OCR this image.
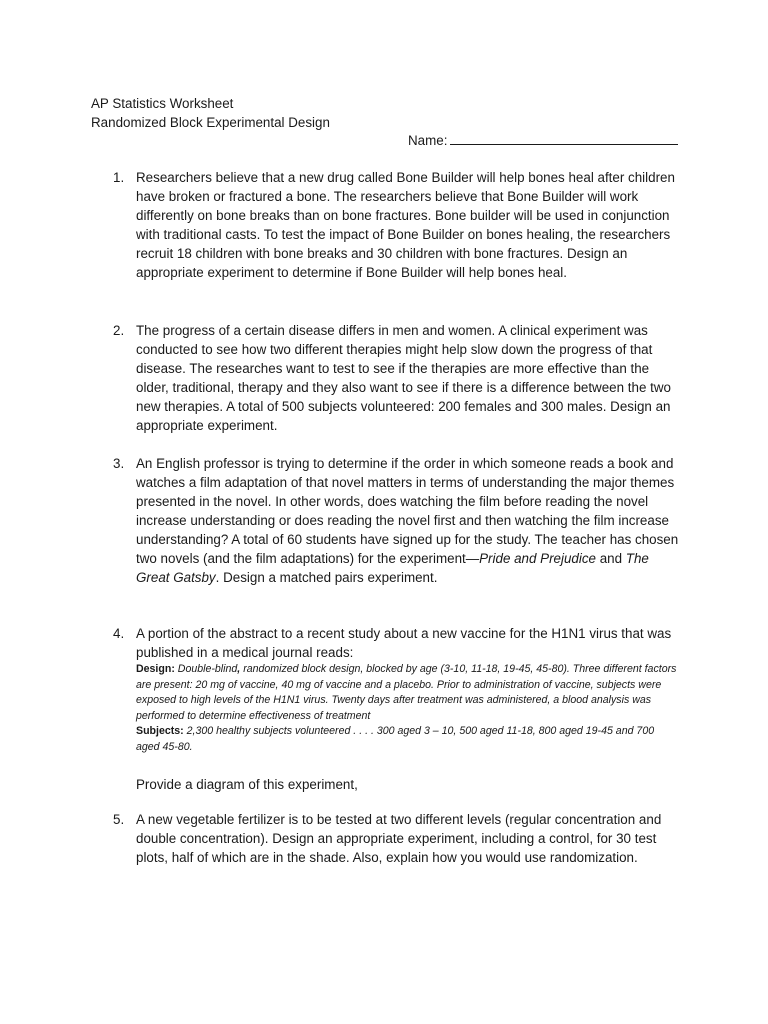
AP Statistics Worksheet
Randomized Block Experimental Design
Name:
1. Researchers believe that a new drug called Bone Builder will help bones heal after children have broken or fractured a bone. The researchers believe that Bone Builder will work differently on bone breaks than on bone fractures. Bone builder will be used in conjunction with traditional casts. To test the impact of Bone Builder on bones healing, the researchers recruit 18 children with bone breaks and 30 children with bone fractures. Design an appropriate experiment to determine if Bone Builder will help bones heal.

2. The progress of a certain disease differs in men and women. A clinical experiment was conducted to see how two different therapies might help slow down the progress of that disease. The researches want to test to see if the therapies are more effective than the older, traditional, therapy and they also want to see if there is a difference between the two new therapies. A total of 500 subjects volunteered: 200 females and 300 males. Design an appropriate experiment.

3. An English professor is trying to determine if the order in which someone reads a book and watches a film adaptation of that novel matters in terms of understanding the major themes presented in the novel. In other words, does watching the film before reading the novel increase understanding or does reading the novel first and then watching the film increase understanding? A total of 60 students have signed up for the study. The teacher has chosen two novels (and the film adaptations) for the experiment—Pride and Prejudice and The Great Gatsby. Design a matched pairs experiment.

4. A portion of the abstract to a recent study about a new vaccine for the H1N1 virus that was published in a medical journal reads:

Design: Double-blind, randomized block design, blocked by age (3-10, 11-18, 19-45, 45-80). Three different factors are present: 20 mg of vaccine, 40 mg of vaccine and a placebo. Prior to administration of vaccine, subjects were exposed to high levels of the H1N1 virus. Twenty days after treatment was administered, a blood analysis was performed to determine effectiveness of treatment

Subjects: 2,300 healthy subjects volunteered . . . . 300 aged 3 – 10, 500 aged 11-18, 800 aged 19-45 and 700 aged 45-80.

Provide a diagram of this experiment,

5. A new vegetable fertilizer is to be tested at two different levels (regular concentration and double concentration). Design an appropriate experiment, including a control, for 30 test plots, half of which are in the shade. Also, explain how you would use randomization.
